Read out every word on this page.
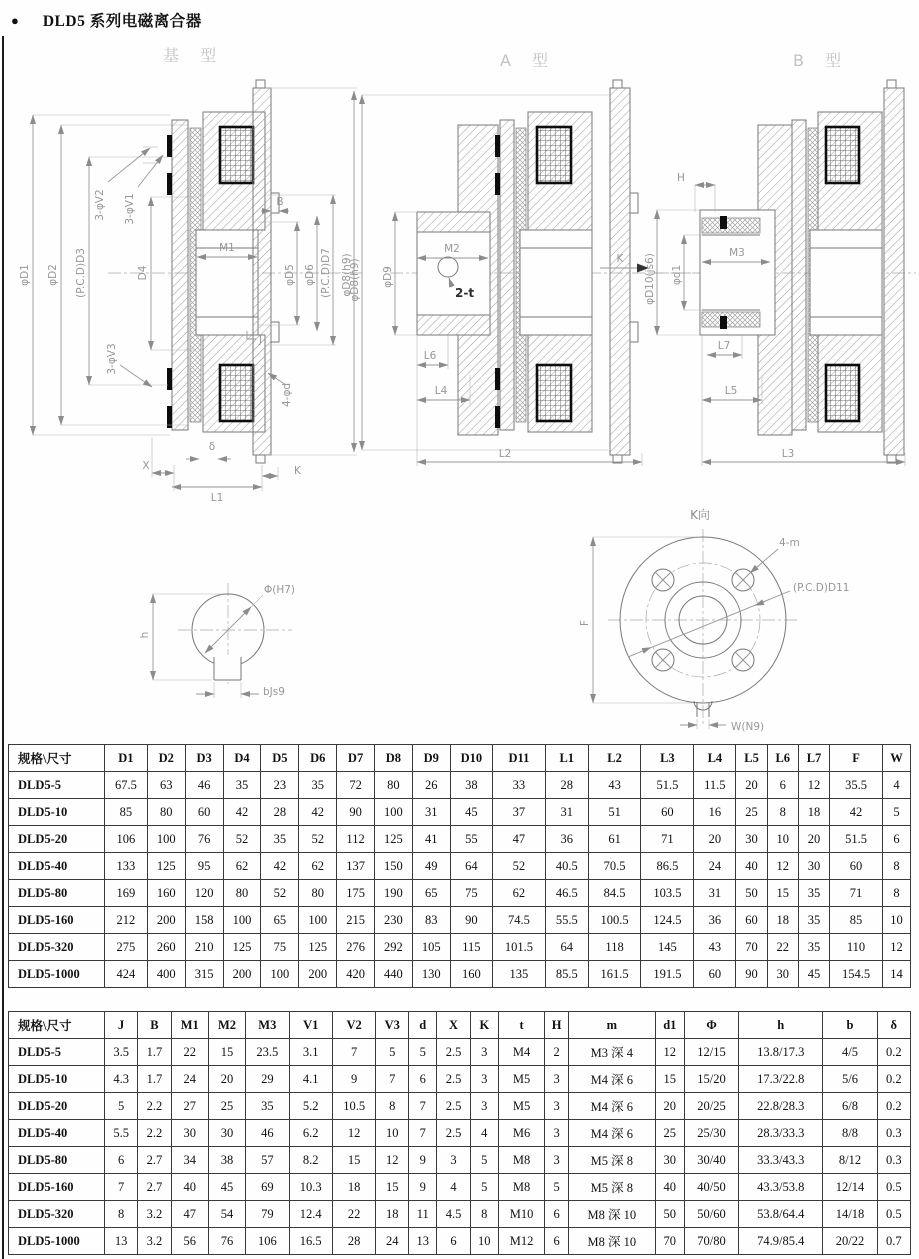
● DLD5 系列电磁离合器
基 型	A 型	B 型
φD1 φD2 (P.C.D)D3	D4
3-φV2 3-φV1
3-φV3
M1
B
J
φD5 φD6 (P.C.D)D7 φD8(h9)
4-φd
δ
X	K
L1
φD8(h9) φD9
M2
2-t
L6
L4
L2
K
H
φD10(js6) φd1
M3
L7
L5
L3
Φ(H7)
h
bJs9
K向
F
4-m
(P.C.D)D11
W(N9)
规格\尺寸	D1	D2	D3	D4	D5	D6	D7	D8	D9	D10	D11	L1	L2	L3	L4	L5	L6	L7	F	W
DLD5-5	67.5	63	46	35	23	35	72	80	26	38	33	28	43	51.5	11.5	20	6	12	35.5	4
DLD5-10	85	80	60	42	28	42	90	100	31	45	37	31	51	60	16	25	8	18	42	5
DLD5-20	106	100	76	52	35	52	112	125	41	55	47	36	61	71	20	30	10	20	51.5	6
DLD5-40	133	125	95	62	42	62	137	150	49	64	52	40.5	70.5	86.5	24	40	12	30	60	8
DLD5-80	169	160	120	80	52	80	175	190	65	75	62	46.5	84.5	103.5	31	50	15	35	71	8
DLD5-160	212	200	158	100	65	100	215	230	83	90	74.5	55.5	100.5	124.5	36	60	18	35	85	10
DLD5-320	275	260	210	125	75	125	276	292	105	115	101.5	64	118	145	43	70	22	35	110	12
DLD5-1000	424	400	315	200	100	200	420	440	130	160	135	85.5	161.5	191.5	60	90	30	45	154.5	14
规格\尺寸	J	B	M1	M2	M3	V1	V2	V3	d	X	K	t	H	m	d1	Φ	h	b	δ
DLD5-5	3.5	1.7	22	15	23.5	3.1	7	5	5	2.5	3	M4	2	M3 深 4	12	12/15	13.8/17.3	4/5	0.2
DLD5-10	4.3	1.7	24	20	29	4.1	9	7	6	2.5	3	M5	3	M4 深 6	15	15/20	17.3/22.8	5/6	0.2
DLD5-20	5	2.2	27	25	35	5.2	10.5	8	7	2.5	3	M5	3	M4 深 6	20	20/25	22.8/28.3	6/8	0.2
DLD5-40	5.5	2.2	30	30	46	6.2	12	10	7	2.5	4	M6	3	M4 深 6	25	25/30	28.3/33.3	8/8	0.3
DLD5-80	6	2.7	34	38	57	8.2	15	12	9	3	5	M8	3	M5 深 8	30	30/40	33.3/43.3	8/12	0.3
DLD5-160	7	2.7	40	45	69	10.3	18	15	9	4	5	M8	5	M5 深 8	40	40/50	43.3/53.8	12/14	0.5
DLD5-320	8	3.2	47	54	79	12.4	22	18	11	4.5	8	M10	6	M8 深 10	50	50/60	53.8/64.4	14/18	0.5
DLD5-1000	13	3.2	56	76	106	16.5	28	24	13	6	10	M12	6	M8 深 10	70	70/80	74.9/85.4	20/22	0.7
